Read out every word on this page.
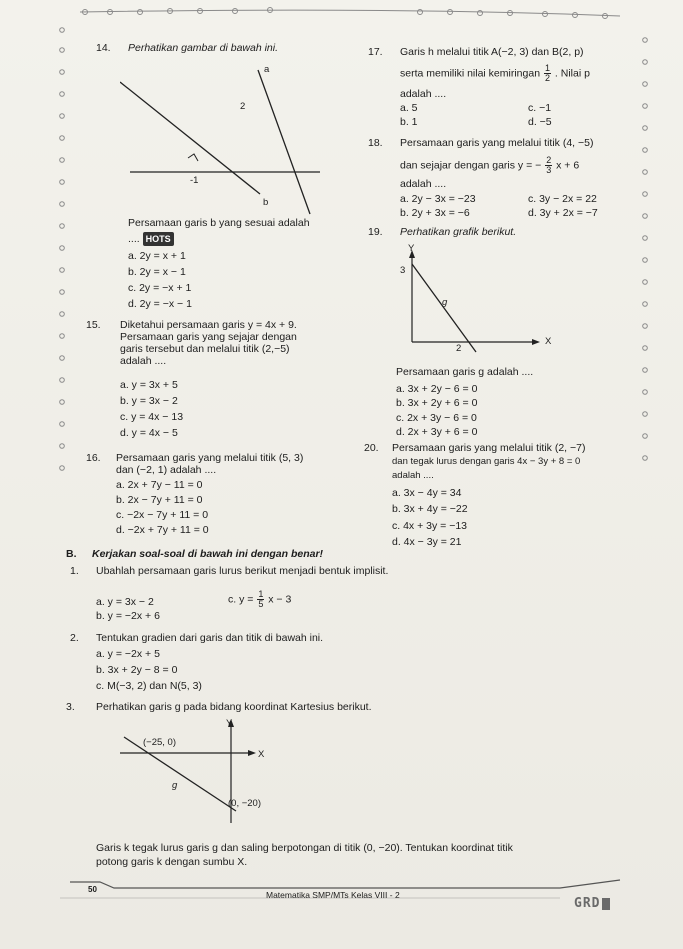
14. Perhatikan gambar di bawah ini.
a
2
-1
b
Persamaan garis b yang sesuai adalah
.... HOTS
a. 2y = x + 1
b. 2y = x − 1
c. 2y = −x + 1
d. 2y = −x − 1
15. Diketahui persamaan garis y = 4x + 9.
Persamaan garis yang sejajar dengan
garis tersebut dan melalui titik (2,−5)
adalah ....
a. y = 3x + 5
b. y = 3x − 2
c. y = 4x − 13
d. y = 4x − 5
16. Persamaan garis yang melalui titik (5, 3)
dan (−2, 1) adalah ....
a. 2x + 7y − 11 = 0
b. 2x − 7y + 11 = 0
c. −2x − 7y + 11 = 0
d. −2x + 7y + 11 = 0
17. Garis h melalui titik A(−2, 3) dan B(2, p)
serta memiliki nilai kemiringan $\frac{1}{2}$ . Nilai p
adalah ....
a. 5	c. −1
b. 1	d. −5
18. Persamaan garis yang melalui titik (4, −5)
dan sejajar dengan garis y = − $\frac{2}{3}$ x + 6
adalah ....
a. 2y − 3x = −23	c. 3y − 2x = 22
b. 2y + 3x = −6	d. 3y + 2x = −7
19. Perhatikan grafik berikut.
Y
3
g
2
X
Persamaan garis g adalah ....
a. 3x + 2y − 6 = 0
b. 3x + 2y + 6 = 0
c. 2x + 3y − 6 = 0
d. 2x + 3y + 6 = 0
20. Persamaan garis yang melalui titik (2, −7)
dan tegak lurus dengan garis 4x − 3y + 8 = 0
adalah ....
a. 3x − 4y = 34
b. 3x + 4y = −22
c. 4x + 3y = −13
d. 4x − 3y = 21
B. Kerjakan soal-soal di bawah ini dengan benar!
1. Ubahlah persamaan garis lurus berikut menjadi bentuk implisit.
a. y = 3x − 2	c. $y = \frac{1}{5}$ x − 3
b. y = −2x + 6
2. Tentukan gradien dari garis dan titik di bawah ini.
a. y = −2x + 5
b. 3x + 2y − 8 = 0
c. M(−3, 2) dan N(5, 3)
3. Perhatikan garis g pada bidang koordinat Kartesius berikut.
Y
(−25, 0)
X
g
(0, −20)
Garis k tegak lurus garis g dan saling berpotongan di titik (0, −20). Tentukan koordinat titik
potong garis k dengan sumbu X.
50
Matematika SMP/MTs Kelas VIII - 2
GRD
